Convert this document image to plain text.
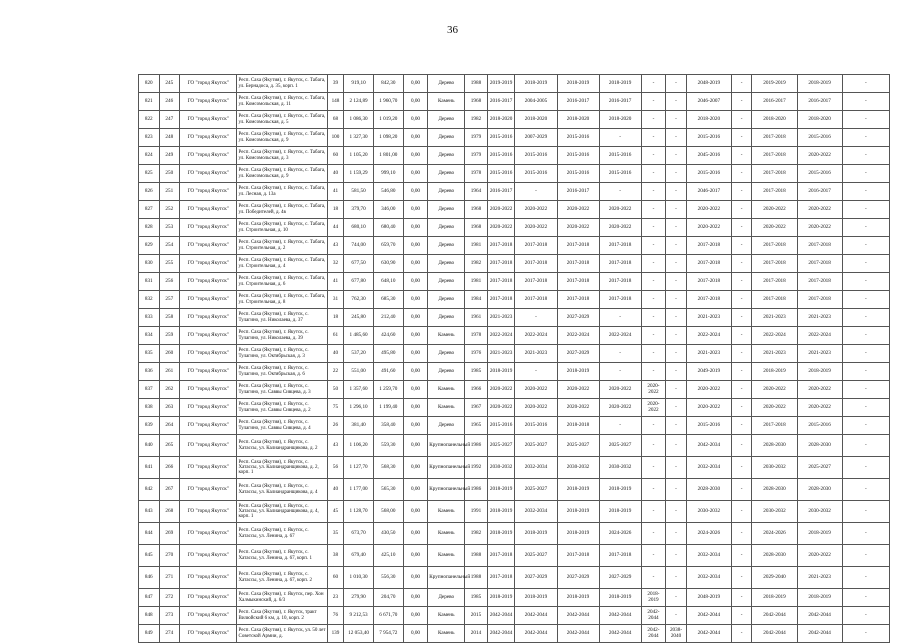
36
820	245	ГО "город Якутск"	Респ. Саха (Якутия), г. Якутск, с. Табага, ул. Бернадоса, д. 35, корп. 1	39	919,10	842,30	0,00	Дерево	1988	2019-2019	2018-2019	2018-2019	2018-2019	-	-	2048-2019	-	2019-2019	2018-2019	-
821	246	ГО "город Якутск"	Респ. Саха (Якутия), г. Якутск, с. Табага, ул. Комсомольская, д. 11	148	2 124,89	1 960,70	0,00	Камень	1968	2016-2017	2004-2005	2016-2017	2016-2017	-	-	2046-2007	-	2016-2017	2016-2017	-
822	247	ГО "город Якутск"	Респ. Саха (Якутия), г. Якутск, с. Табага, ул. Комсомольская, д. 5	68	1 086,30	1 019,20	0,00	Дерево	1982	2018-2020	2018-2020	2018-2020	2018-2020	-	-	2018-2020	-	2018-2020	2018-2020	-
823	248	ГО "город Якутск"	Респ. Саха (Якутия), г. Якутск, с. Табага, ул. Комсомольская, д. 9	100	1 327,30	1 098,20	0,00	Дерево	1979	2015-2016	2007-2029	2015-2016	-	-	-	2015-2016	-	2017-2018	2015-2016	-
824	249	ГО "город Якутск"	Респ. Саха (Якутия), г. Якутск, с. Табага, ул. Комсомольская, д. 3	60	1 105,20	1 801,00	0,00	Дерево	1979	2015-2016	2015-2016	2015-2016	2015-2016	-	-	2045-2016	-	2017-2018	2020-2022	-
825	250	ГО "город Якутск"	Респ. Саха (Якутия), г. Якутск, с. Табага, ул. Комсомольская, д. 9	40	1 159,29	999,10	0,00	Дерево	1978	2015-2016	2015-2016	2015-2016	2015-2016	-	-	2015-2016	-	2017-2018	2015-2016	-
826	251	ГО "город Якутск"	Респ. Саха (Якутия), г. Якутск, с. Табага, ул. Лесная, д. 13а	41	581,50	546,80	0,00	Дерево	1964	2016-2017	-	2016-2017	-	-	-	2046-2017	-	2017-2018	2016-2017	-
827	252	ГО "город Якутск"	Респ. Саха (Якутия), г. Якутск, с. Табага, ул. Победителей, д. 4в	18	379,70	346,00	0,00	Дерево	1968	2020-2022	2020-2022	2020-2022	2020-2022	-	-	2020-2022	-	2020-2022	2020-2022	-
828	253	ГО "город Якутск"	Респ. Саха (Якутия), г. Якутск, с. Табага, ул. Строительная, д. 10	44	680,10	680,40	0,00	Дерево	1968	2020-2022	2020-2022	2020-2022	2020-2022	-	-	2020-2022	-	2020-2022	2020-2022	-
829	254	ГО "город Якутск"	Респ. Саха (Якутия), г. Якутск, с. Табага, ул. Строительная, д. 2	43	744,00	659,70	0,00	Дерево	1981	2017-2018	2017-2018	2017-2018	2017-2018	-	-	2017-2018	-	2017-2018	2017-2018	-
830	255	ГО "город Якутск"	Респ. Саха (Якутия), г. Якутск, с. Табага, ул. Строительная, д. 4	32	677,50	630,90	0,00	Дерево	1982	2017-2018	2017-2018	2017-2018	2017-2018	-	-	2017-2018	-	2017-2018	2017-2018	-
831	256	ГО "город Якутск"	Респ. Саха (Якутия), г. Якутск, с. Табага, ул. Строительная, д. 6	41	677,80	648,10	0,00	Дерево	1981	2017-2018	2017-2018	2017-2018	2017-2018	-	-	2017-2018	-	2017-2018	2017-2018	-
832	257	ГО "город Якутск"	Респ. Саха (Якутия), г. Якутск, с. Табага, ул. Строительная, д. 8	31	762,30	685,30	0,00	Дерево	1984	2017-2018	2017-2018	2017-2018	2017-2018	-	-	2017-2018	-	2017-2018	2017-2018	-
833	258	ГО "город Якутск"	Респ. Саха (Якутия), г. Якутск, с. Тулагино, ул. Николаева, д. 37	18	245,80	212,40	0,00	Дерево	1961	2021-2023	-	2027-2029	-	-	-	2021-2023	-	2021-2023	2021-2023	-
834	259	ГО "город Якутск"	Респ. Саха (Якутия), г. Якутск, с. Тулагино, ул. Николаева, д. 39	61	1 485,60	424,60	0,00	Камень	1978	2022-2024	2022-2024	2022-2024	2022-2024	-	-	2022-2024	-	2022-2024	2022-2024	-
835	260	ГО "город Якутск"	Респ. Саха (Якутия), г. Якутск, с. Тулагино, ул. Октябрьская, д. 3	40	537,20	495,80	0,00	Дерево	1976	2021-2023	2021-2023	2027-2029	-	-	-	2021-2023	-	2021-2023	2021-2023	-
836	261	ГО "город Якутск"	Респ. Саха (Якутия), г. Якутск, с. Тулагино, ул. Октябрьская, д. 6	22	551,00	491,60	0,00	Дерево	1985	2018-2019	-	2018-2019	-	-	-	2049-2019	-	2018-2019	2018-2019	-
837	262	ГО "город Якутск"	Респ. Саха (Якутия), г. Якутск, с. Тулагино, ул. Саввы Сивцева, д. 3	50	1 357,60	1 259,70	0,00	Камень	1966	2020-2022	2020-2022	2020-2022	2020-2022	2020-2022	-	2020-2022	-	2020-2022	2020-2022	-
838	263	ГО "город Якутск"	Респ. Саха (Якутия), г. Якутск, с. Тулагино, ул. Саввы Сивцева, д. 2	75	1 296,10	1 199,40	0,00	Камень	1967	2020-2022	2020-2022	2020-2022	2020-2022	2020-2022	-	2020-2022	-	2020-2022	2020-2022	-
839	264	ГО "город Якутск"	Респ. Саха (Якутия), г. Якутск, с. Тулагино, ул. Саввы Сивцева, д. 4	26	381,40	358,40	0,00	Дерево	1965	2015-2016	2015-2016	2018-2018	-	-	-	2015-2016	-	2017-2018	2015-2016	-
840	265	ГО "город Якутск"	Респ. Саха (Якутия), г. Якутск, с. Хатассы, ул. Калиандранщикова, д. 2	43	1 106,20	559,30	0,00	Крупнопанельный	1986	2025-2027	2025-2027	2025-2027	2025-2027	-	-	2042-2034	-	2028-2030	2028-2030	-
841	266	ГО "город Якутск"	Респ. Саха (Якутия), г. Якутск, с. Хатассы, ул. Калиандранщикова, д. 2, корп. 1	56	1 127,70	568,30	0,00	Крупнопанельный	1992	2030-2032	2032-2034	2030-2032	2030-2032	-	-	2032-2034	-	2030-2032	2025-2027	-
842	267	ГО "город Якутск"	Респ. Саха (Якутия), г. Якутск, с. Хатассы, ул. Калиандранщикова, д. 4	40	1 177,00	565,30	0,00	Крупнопанельный	1986	2018-2019	2025-2027	2018-2019	2018-2019	-	-	2028-2030	-	2028-2030	2028-2030	-
843	268	ГО "город Якутск"	Респ. Саха (Якутия), г. Якутск, с. Хатассы, ул. Калиандранщикова, д. 4, корп. 1	45	1 128,70	568,00	0,00	Камень	1991	2018-2019	2032-2034	2018-2019	2018-2019	-	-	2030-2032	-	2030-2032	2030-2032	-
844	269	ГО "город Якутск"	Респ. Саха (Якутия), г. Якутск, с. Хатассы, ул. Ленина, д. 67	35	673,70	430,50	0,00	Камень	1982	2018-2019	2018-2019	2018-2019	2024-2026	-	-	2024-2026	-	2024-2026	2018-2019	-
845	270	ГО "город Якутск"	Респ. Саха (Якутия), г. Якутск, с. Хатассы, ул. Ленина, д. 67, корп. 1	38	679,40	425,10	0,00	Камень	1988	2017-2018	2025-2027	2017-2018	2017-2018	-	-	2032-2034	-	2028-2030	2020-2022	-
846	271	ГО "город Якутск"	Респ. Саха (Якутия), г. Якутск, с. Хатассы, ул. Ленина, д. 67, корп. 2	60	1 010,30	556,30	0,00	Крупнопанельный	1988	2017-2018	2027-2029	2027-2029	2027-2029	-	-	2032-2034	-	2029-2040	2021-2023	-
847	272	ГО "город Якутск"	Респ. Саха (Якутия), г. Якутск, пер. Хон Халмыкинский, д. 6/3	23	279,90	204,70	0,00	Дерево	1985	2018-2019	2018-2019	2018-2019	2018-2019	2018-2019	-	2048-2019	-	2018-2019	2018-2019	-
848	273	ГО "город Якутск"	Респ. Саха (Якутия), г. Якутск, тракт Вилюйский 6 км, д. 10, корп. 2	76	9 212,53	6 671,70	0,00	Камень	2015	2042-2044	2042-2044	2042-2044	2042-2044	2042-2044	-	2042-2044	-	2042-2044	2042-2044	-
849	274	ГО "город Якутск"	Респ. Саха (Якутия), г. Якутск, ул. 50 лет Советской Армии, д.	139	12 053,40	7 954,72	0,00	Камень	2014	2042-2044	2042-2044	2042-2044	2042-2044	2042-2044	2038-2040	2042-2044	-	2042-2044	2042-2044	-
